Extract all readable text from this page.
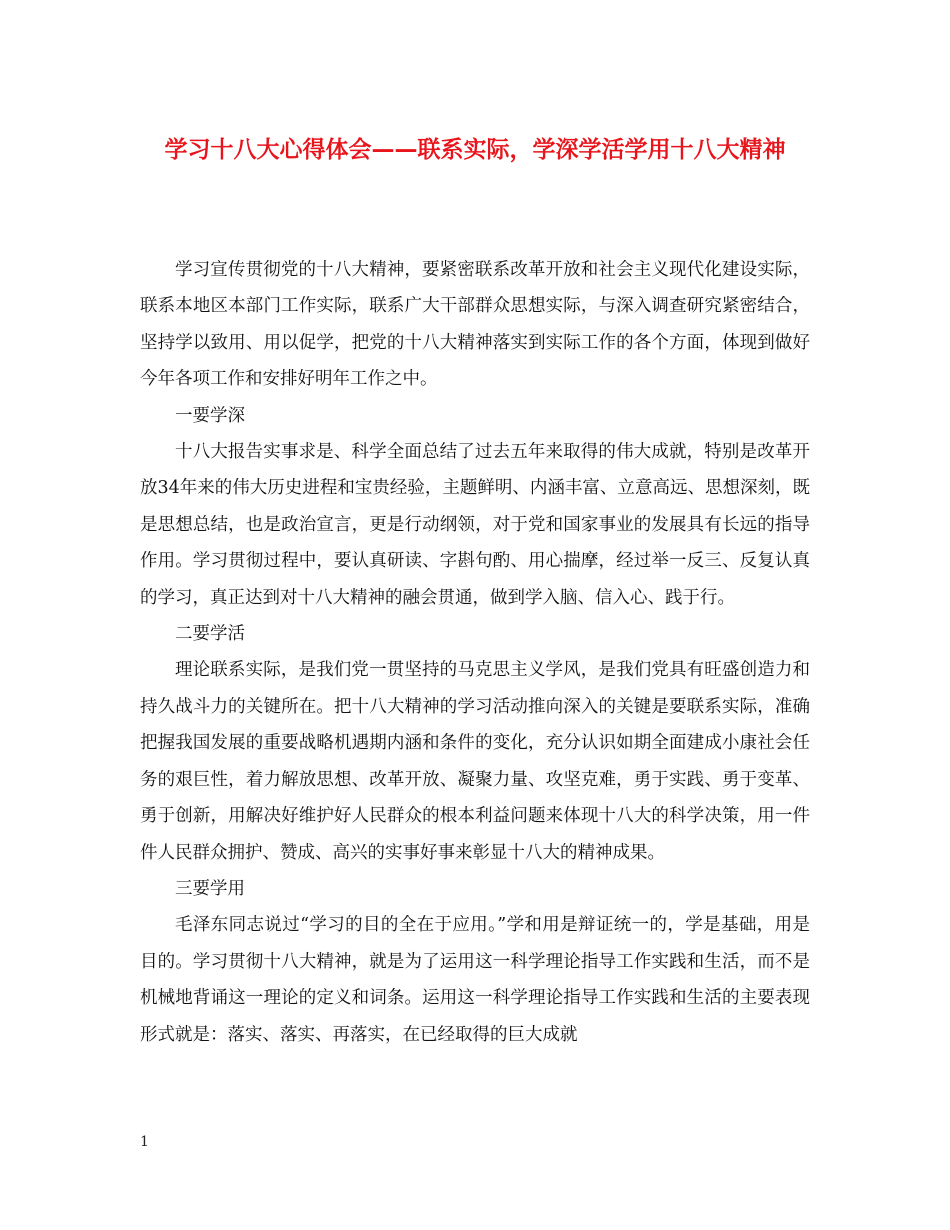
学习十八大心得体会——联系实际，学深学活学用十八大精神

学习宣传贯彻党的十八大精神，要紧密联系改革开放和社会主义现代化建设实际，联系本地区本部门工作实际，联系广大干部群众思想实际，与深入调查研究紧密结合，坚持学以致用、用以促学，把党的十八大精神落实到实际工作的各个方面，体现到做好今年各项工作和安排好明年工作之中。

一要学深

十八大报告实事求是、科学全面总结了过去五年来取得的伟大成就，特别是改革开放34年来的伟大历史进程和宝贵经验，主题鲜明、内涵丰富、立意高远、思想深刻，既是思想总结，也是政治宣言，更是行动纲领，对于党和国家事业的发展具有长远的指导作用。学习贯彻过程中，要认真研读、字斟句酌、用心揣摩，经过举一反三、反复认真的学习，真正达到对十八大精神的融会贯通，做到学入脑、信入心、践于行。

二要学活

理论联系实际，是我们党一贯坚持的马克思主义学风，是我们党具有旺盛创造力和持久战斗力的关键所在。把十八大精神的学习活动推向深入的关键是要联系实际，准确把握我国发展的重要战略机遇期内涵和条件的变化，充分认识如期全面建成小康社会任务的艰巨性，着力解放思想、改革开放、凝聚力量、攻坚克难，勇于实践、勇于变革、勇于创新，用解决好维护好人民群众的根本利益问题来体现十八大的科学决策，用一件件人民群众拥护、赞成、高兴的实事好事来彰显十八大的精神成果。

三要学用

毛泽东同志说过“学习的目的全在于应用。”学和用是辩证统一的，学是基础，用是目的。学习贯彻十八大精神，就是为了运用这一科学理论指导工作实践和生活，而不是机械地背诵这一理论的定义和词条。运用这一科学理论指导工作实践和生活的主要表现形式就是：落实、落实、再落实，在已经取得的巨大成就

1
